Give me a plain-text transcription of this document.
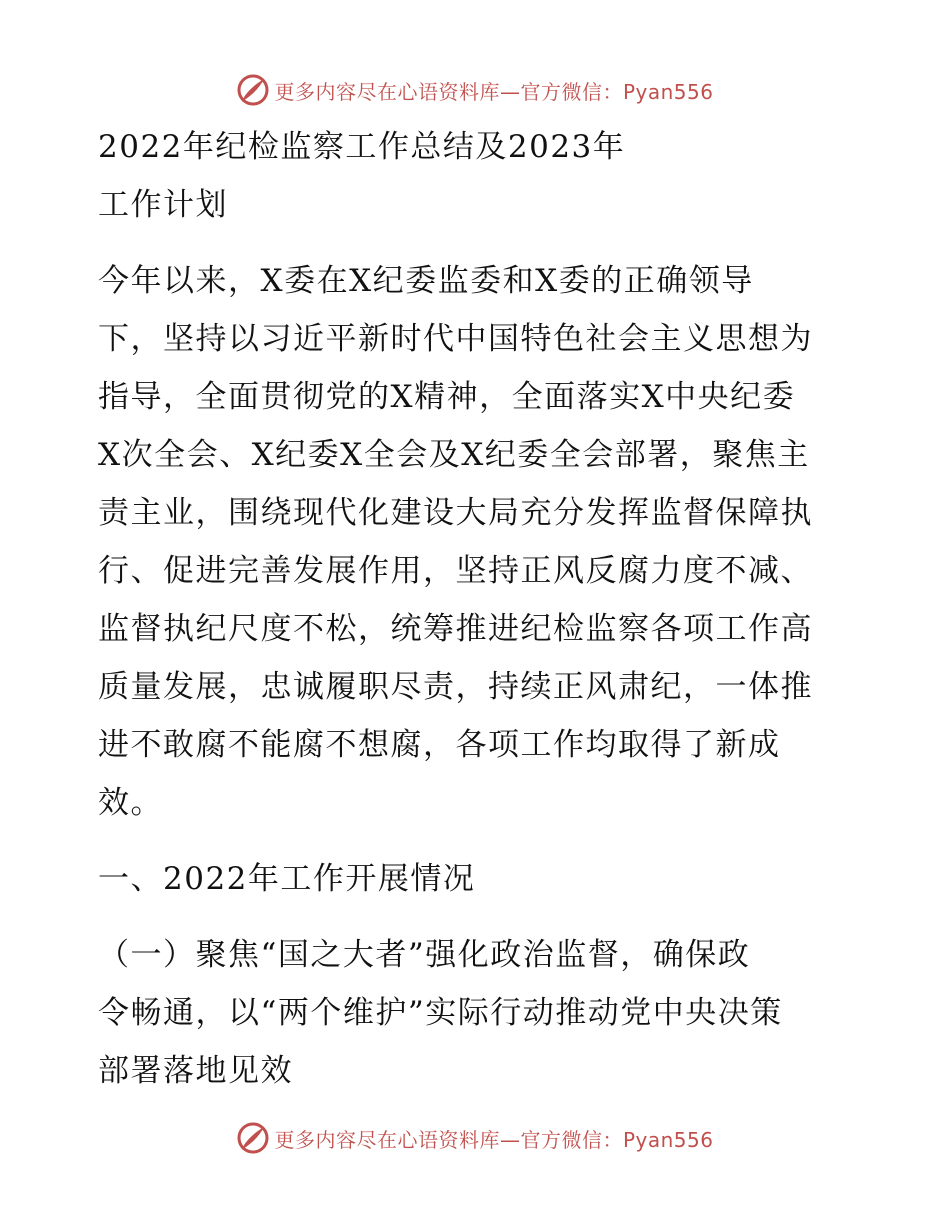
更多内容尽在心语资料库—官方微信：Pyan556
2022年纪检监察工作总结及2023年
工作计划
今年以来，X委在X纪委监委和X委的正确领导
下，坚持以习近平新时代中国特色社会主义思想为
指导，全面贯彻党的X精神，全面落实X中央纪委
X次全会、X纪委X全会及X纪委全会部署，聚焦主
责主业，围绕现代化建设大局充分发挥监督保障执
行、促进完善发展作用，坚持正风反腐力度不减、
监督执纪尺度不松，统筹推进纪检监察各项工作高
质量发展，忠诚履职尽责，持续正风肃纪，一体推
进不敢腐不能腐不想腐，各项工作均取得了新成
效。
一、2022年工作开展情况
（一）聚焦“国之大者”强化政治监督，确保政
令畅通，以“两个维护”实际行动推动党中央决策
部署落地见效
更多内容尽在心语资料库—官方微信：Pyan556
